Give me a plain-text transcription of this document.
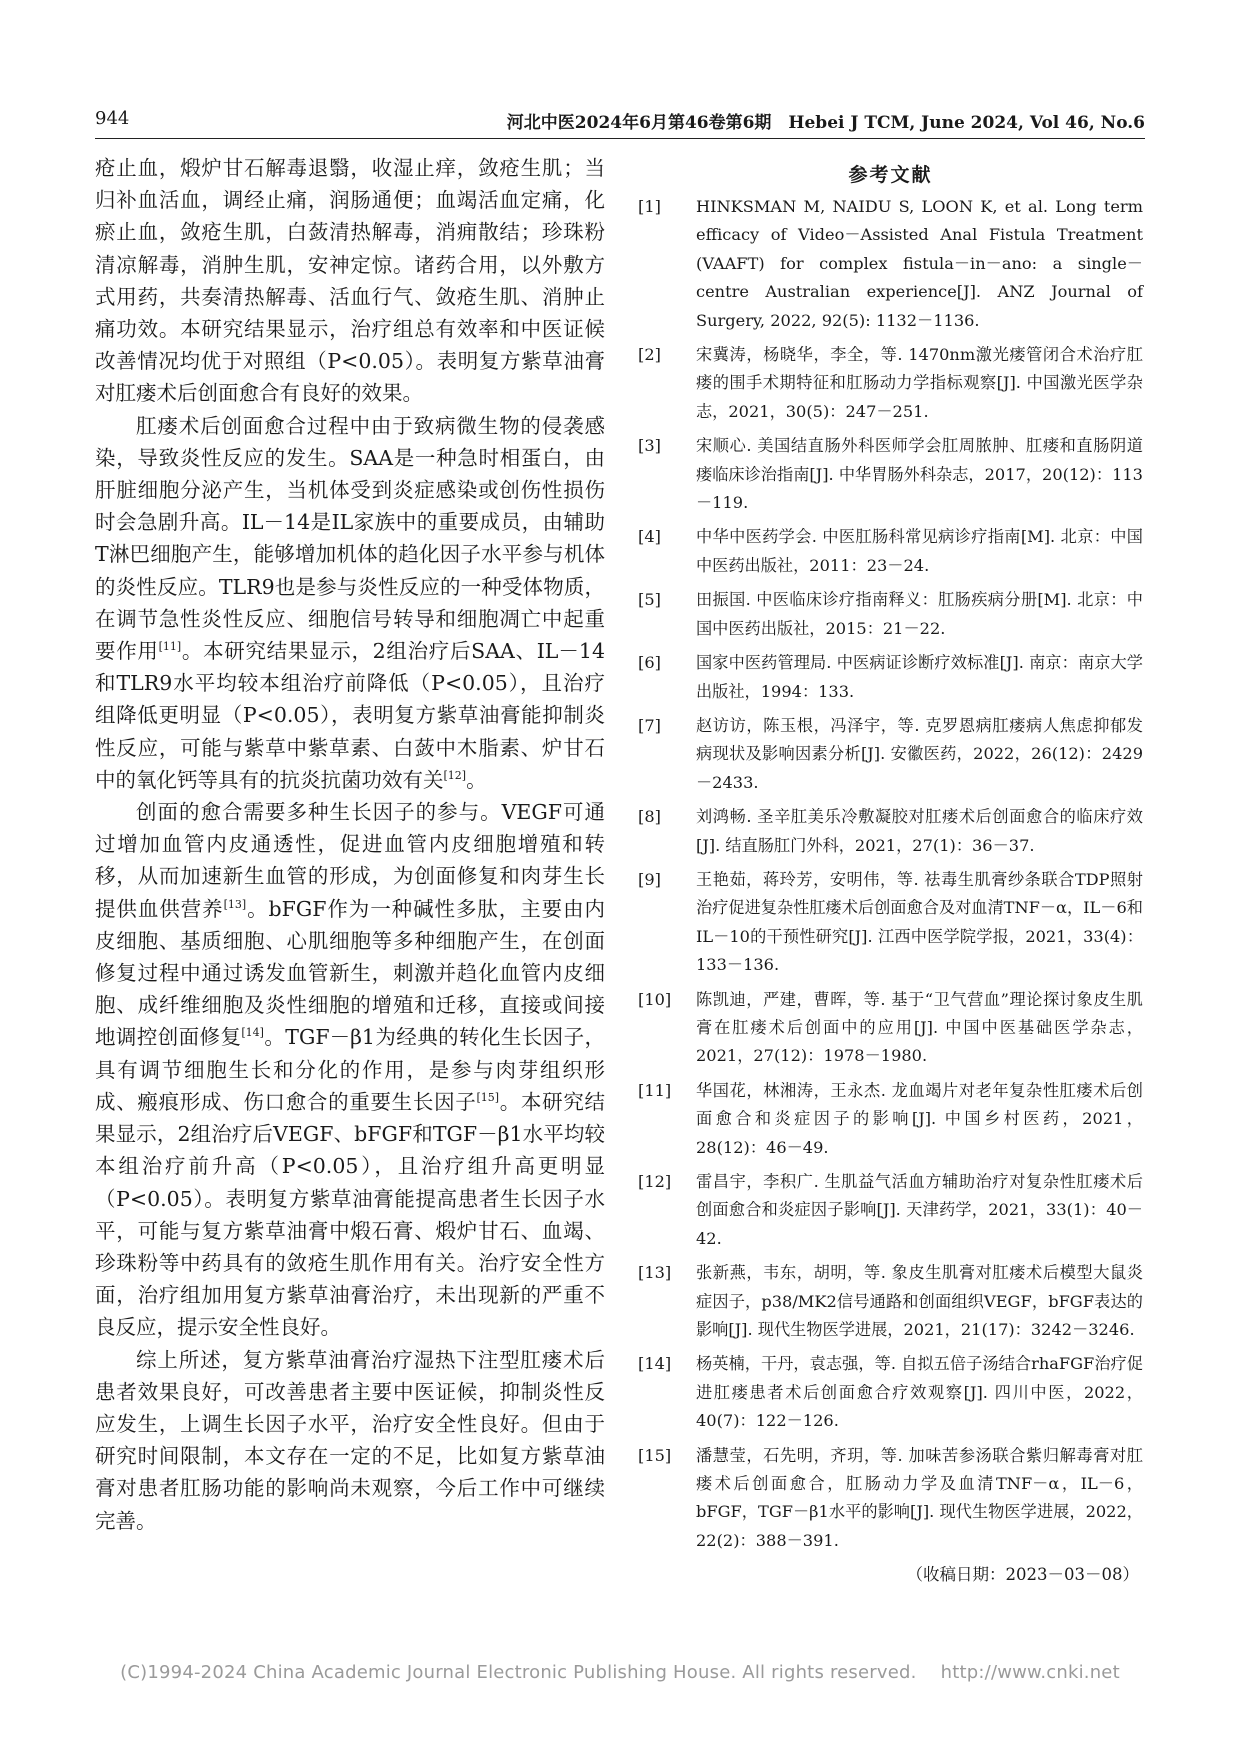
944	河北中医2024年6月第46卷第6期　Hebei J TCM, June 2024, Vol 46, No.6

疮止血，煅炉甘石解毒退翳，收湿止痒，敛疮生肌；当归补血活血，调经止痛，润肠通便；血竭活血定痛，化瘀止血，敛疮生肌，白蔹清热解毒，消痈散结；珍珠粉清凉解毒，消肿生肌，安神定惊。诸药合用，以外敷方式用药，共奏清热解毒、活血行气、敛疮生肌、消肿止痛功效。本研究结果显示，治疗组总有效率和中医证候改善情况均优于对照组（P<0.05）。表明复方紫草油膏对肛瘘术后创面愈合有良好的效果。

肛瘘术后创面愈合过程中由于致病微生物的侵袭感染，导致炎性反应的发生。SAA是一种急时相蛋白，由肝脏细胞分泌产生，当机体受到炎症感染或创伤性损伤时会急剧升高。IL－14是IL家族中的重要成员，由辅助T淋巴细胞产生，能够增加机体的趋化因子水平参与机体的炎性反应。TLR9也是参与炎性反应的一种受体物质，在调节急性炎性反应、细胞信号转导和细胞凋亡中起重要作用[11]。本研究结果显示，2组治疗后SAA、IL－14和TLR9水平均较本组治疗前降低（P<0.05），且治疗组降低更明显（P<0.05），表明复方紫草油膏能抑制炎性反应，可能与紫草中紫草素、白蔹中木脂素、炉甘石中的氧化钙等具有的抗炎抗菌功效有关[12]。

创面的愈合需要多种生长因子的参与。VEGF可通过增加血管内皮通透性，促进血管内皮细胞增殖和转移，从而加速新生血管的形成，为创面修复和肉芽生长提供血供营养[13]。bFGF作为一种碱性多肽，主要由内皮细胞、基质细胞、心肌细胞等多种细胞产生，在创面修复过程中通过诱发血管新生，刺激并趋化血管内皮细胞、成纤维细胞及炎性细胞的增殖和迁移，直接或间接地调控创面修复[14]。TGF－β1为经典的转化生长因子，具有调节细胞生长和分化的作用，是参与肉芽组织形成、瘢痕形成、伤口愈合的重要生长因子[15]。本研究结果显示，2组治疗后VEGF、bFGF和TGF－β1水平均较本组治疗前升高（P<0.05），且治疗组升高更明显（P<0.05）。表明复方紫草油膏能提高患者生长因子水平，可能与复方紫草油膏中煅石膏、煅炉甘石、血竭、珍珠粉等中药具有的敛疮生肌作用有关。治疗安全性方面，治疗组加用复方紫草油膏治疗，未出现新的严重不良反应，提示安全性良好。

综上所述，复方紫草油膏治疗湿热下注型肛瘘术后患者效果良好，可改善患者主要中医证候，抑制炎性反应发生，上调生长因子水平，治疗安全性良好。但由于研究时间限制，本文存在一定的不足，比如复方紫草油膏对患者肛肠功能的影响尚未观察，今后工作中可继续完善。

参考文献
[1]	HINKSMAN M, NAIDU S, LOON K, et al. Long term efficacy of Video－Assisted Anal Fistula Treatment (VAAFT) for complex fistula－in－ano: a single－centre Australian experience[J]. ANZ Journal of Surgery, 2022, 92(5): 1132－1136.
[2]	宋冀涛，杨晓华，李全，等. 1470nm激光瘘管闭合术治疗肛瘘的围手术期特征和肛肠动力学指标观察[J]. 中国激光医学杂志，2021，30(5)：247－251.
[3]	宋顺心. 美国结直肠外科医师学会肛周脓肿、肛瘘和直肠阴道瘘临床诊治指南[J]. 中华胃肠外科杂志，2017，20(12)：113－119.
[4]	中华中医药学会. 中医肛肠科常见病诊疗指南[M]. 北京：中国中医药出版社，2011：23－24.
[5]	田振国. 中医临床诊疗指南释义：肛肠疾病分册[M]. 北京：中国中医药出版社，2015：21－22.
[6]	国家中医药管理局. 中医病证诊断疗效标准[J]. 南京：南京大学出版社，1994：133.
[7]	赵访访，陈玉根，冯泽宇，等. 克罗恩病肛瘘病人焦虑抑郁发病现状及影响因素分析[J]. 安徽医药，2022，26(12)：2429－2433.
[8]	刘鸿畅. 圣辛肛美乐冷敷凝胶对肛瘘术后创面愈合的临床疗效[J]. 结直肠肛门外科，2021，27(1)：36－37.
[9]	王艳茹，蒋玲芳，安明伟，等. 祛毒生肌膏纱条联合TDP照射治疗促进复杂性肛瘘术后创面愈合及对血清TNF－α，IL－6和IL－10的干预性研究[J]. 江西中医学院学报，2021，33(4)：133－136.
[10]	陈凯迪，严建，曹晖，等. 基于“卫气营血”理论探讨象皮生肌膏在肛瘘术后创面中的应用[J]. 中国中医基础医学杂志，2021，27(12)：1978－1980.
[11]	华国花，林湘涛，王永杰. 龙血竭片对老年复杂性肛瘘术后创面愈合和炎症因子的影响[J]. 中国乡村医药，2021，28(12)：46－49.
[12]	雷昌宇，李积广. 生肌益气活血方辅助治疗对复杂性肛瘘术后创面愈合和炎症因子影响[J]. 天津药学，2021，33(1)：40－42.
[13]	张新燕，韦东，胡明，等. 象皮生肌膏对肛瘘术后模型大鼠炎症因子，p38/MK2信号通路和创面组织VEGF，bFGF表达的影响[J]. 现代生物医学进展，2021，21(17)：3242－3246.
[14]	杨英楠，干丹，袁志强，等. 自拟五倍子汤结合rhaFGF治疗促进肛瘘患者术后创面愈合疗效观察[J]. 四川中医，2022，40(7)：122－126.
[15]	潘慧莹，石先明，齐玥，等. 加味苦参汤联合紫归解毒膏对肛瘘术后创面愈合，肛肠动力学及血清TNF－α，IL－6，bFGF，TGF－β1水平的影响[J]. 现代生物医学进展，2022，22(2)：388－391.
（收稿日期：2023－03－08）
(C)1994-2024 China Academic Journal Electronic Publishing House. All rights reserved.　 http://www.cnki.net
